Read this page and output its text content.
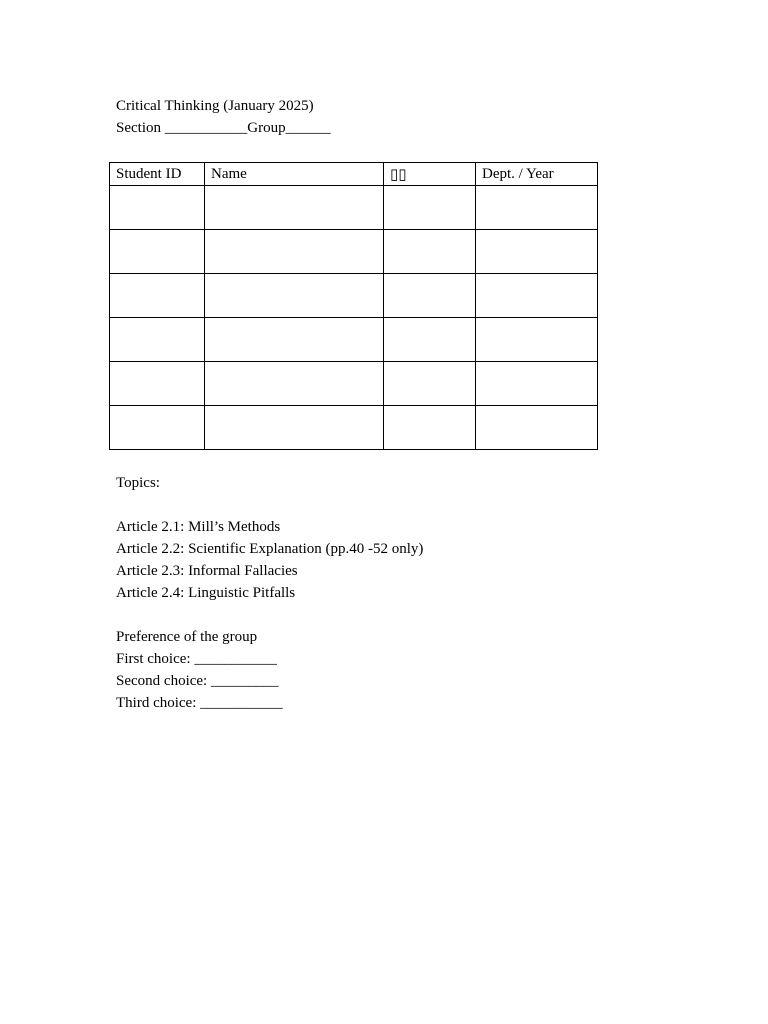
Critical Thinking (January 2025)
Section ___________Group______
Student ID	Name	▯▯	Dept. / Year

Topics:
Article 2.1: Mill’s Methods
Article 2.2: Scientific Explanation (pp.40 -52 only)
Article 2.3: Informal Fallacies
Article 2.4: Linguistic Pitfalls
Preference of the group
First choice: ___________
Second choice: _________
Third choice: ___________
